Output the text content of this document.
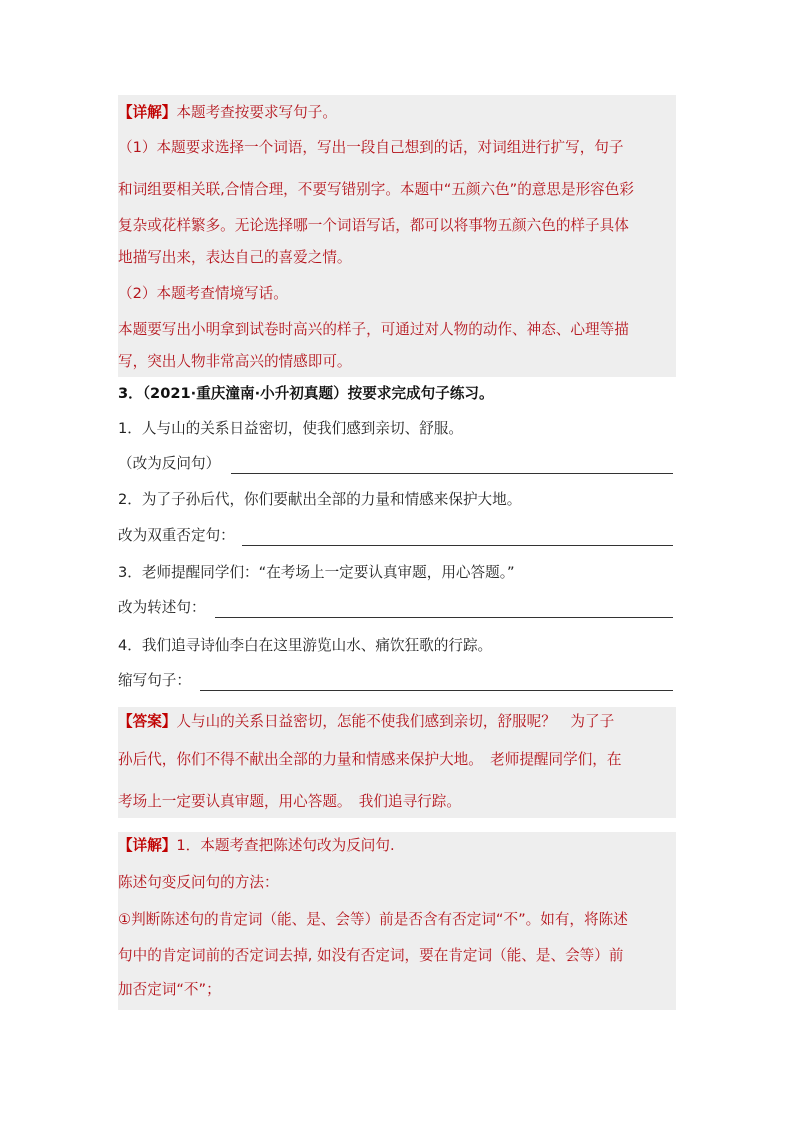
【详解】本题考查按要求写句子。
（1）本题要求选择一个词语，写出一段自己想到的话，对词组进行扩写，句子
和词组要相关联,合情合理，不要写错别字。本题中“五颜六色”的意思是形容色彩
复杂或花样繁多。无论选择哪一个词语写话，都可以将事物五颜六色的样子具体
地描写出来，表达自己的喜爱之情。
（2）本题考查情境写话。
本题要写出小明拿到试卷时高兴的样子，可通过对人物的动作、神态、心理等描
写，突出人物非常高兴的情感即可。
3．（2021·重庆潼南·小升初真题）按要求完成句子练习。
1．人与山的关系日益密切，使我们感到亲切、舒服。
（改为反问句）
2．为了子孙后代，你们要献出全部的力量和情感来保护大地。
改为双重否定句：
3．老师提醒同学们：“在考场上一定要认真审题，用心答题。”
改为转述句：
4．我们追寻诗仙李白在这里游览山水、痛饮狂歌的行踪。
缩写句子：
【答案】人与山的关系日益密切，怎能不使我们感到亲切，舒服呢？　为了子
孙后代，你们不得不献出全部的力量和情感来保护大地。　老师提醒同学们，在
考场上一定要认真审题，用心答题。　我们追寻行踪。
【详解】1．本题考查把陈述句改为反问句.
陈述句变反问句的方法：
①判断陈述句的肯定词（能、是、会等）前是否含有否定词“不”。如有，将陈述
句中的肯定词前的否定词去掉, 如没有否定词，要在肯定词（能、是、会等）前
加否定词“不”；
